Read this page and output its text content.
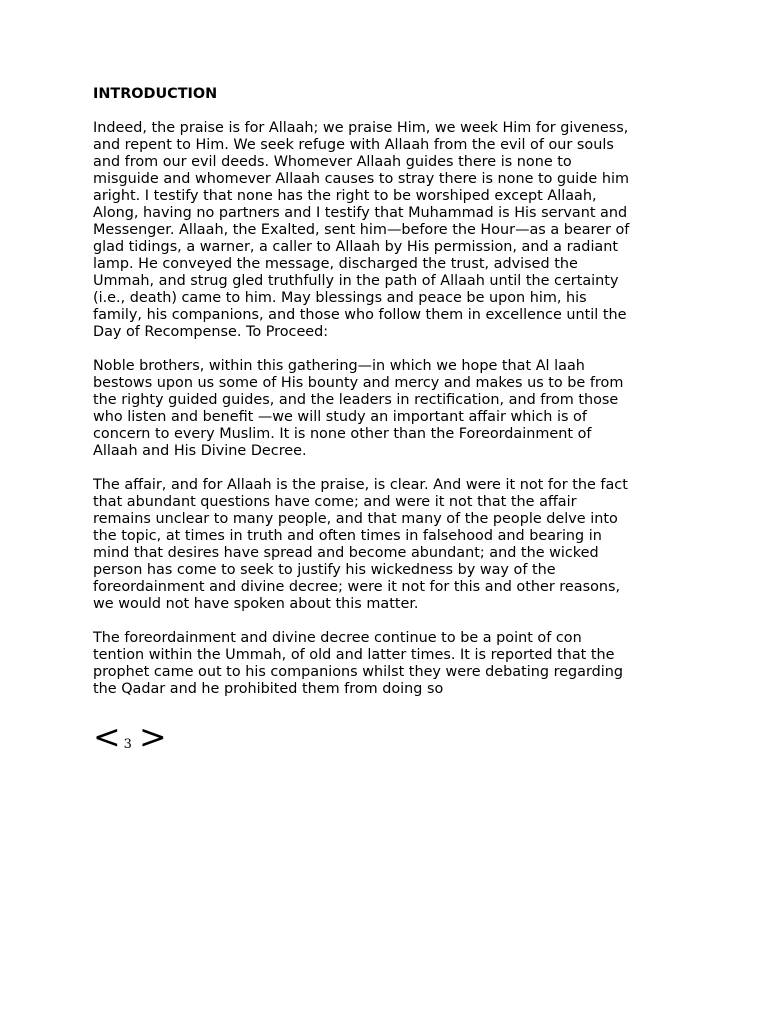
INTRODUCTION
Indeed, the praise is for Allaah; we praise Him, we week Him for giveness,
and repent to Him. We seek refuge with Allaah from the evil of our souls
and from our evil deeds. Whomever Allaah guides there is none to
misguide and whomever Allaah causes to stray there is none to guide him
aright. I testify that none has the right to be worshiped except Allaah,
Along, having no partners and I testify that Muhammad is His servant and
Messenger. Allaah, the Exalted, sent him—before the Hour—as a bearer of
glad tidings, a warner, a caller to Allaah by His permission, and a radiant
lamp. He conveyed the message, discharged the trust, advised the
Ummah, and strug gled truthfully in the path of Allaah until the certainty
(i.e., death) came to him. May blessings and peace be upon him, his
family, his companions, and those who follow them in excellence until the
Day of Recompense. To Proceed:
Noble brothers, within this gathering—in which we hope that Al laah
bestows upon us some of His bounty and mercy and makes us to be from
the righty guided guides, and the leaders in rectification, and from those
who listen and benefit —we will study an important affair which is of
concern to every Muslim. It is none other than the Foreordainment of
Allaah and His Divine Decree.
The affair, and for Allaah is the praise, is clear. And were it not for the fact
that abundant questions have come; and were it not that the affair
remains unclear to many people, and that many of the people delve into
the topic, at times in truth and often times in falsehood and bearing in
mind that desires have spread and become abundant; and the wicked
person has come to seek to justify his wickedness by way of the
foreordainment and divine decree; were it not for this and other reasons,
we would not have spoken about this matter.
The foreordainment and divine decree continue to be a point of con
tention within the Ummah, of old and latter times. It is reported that the
prophet came out to his companions whilst they were debating regarding
the Qadar and he prohibited them from doing so
< 3 >
